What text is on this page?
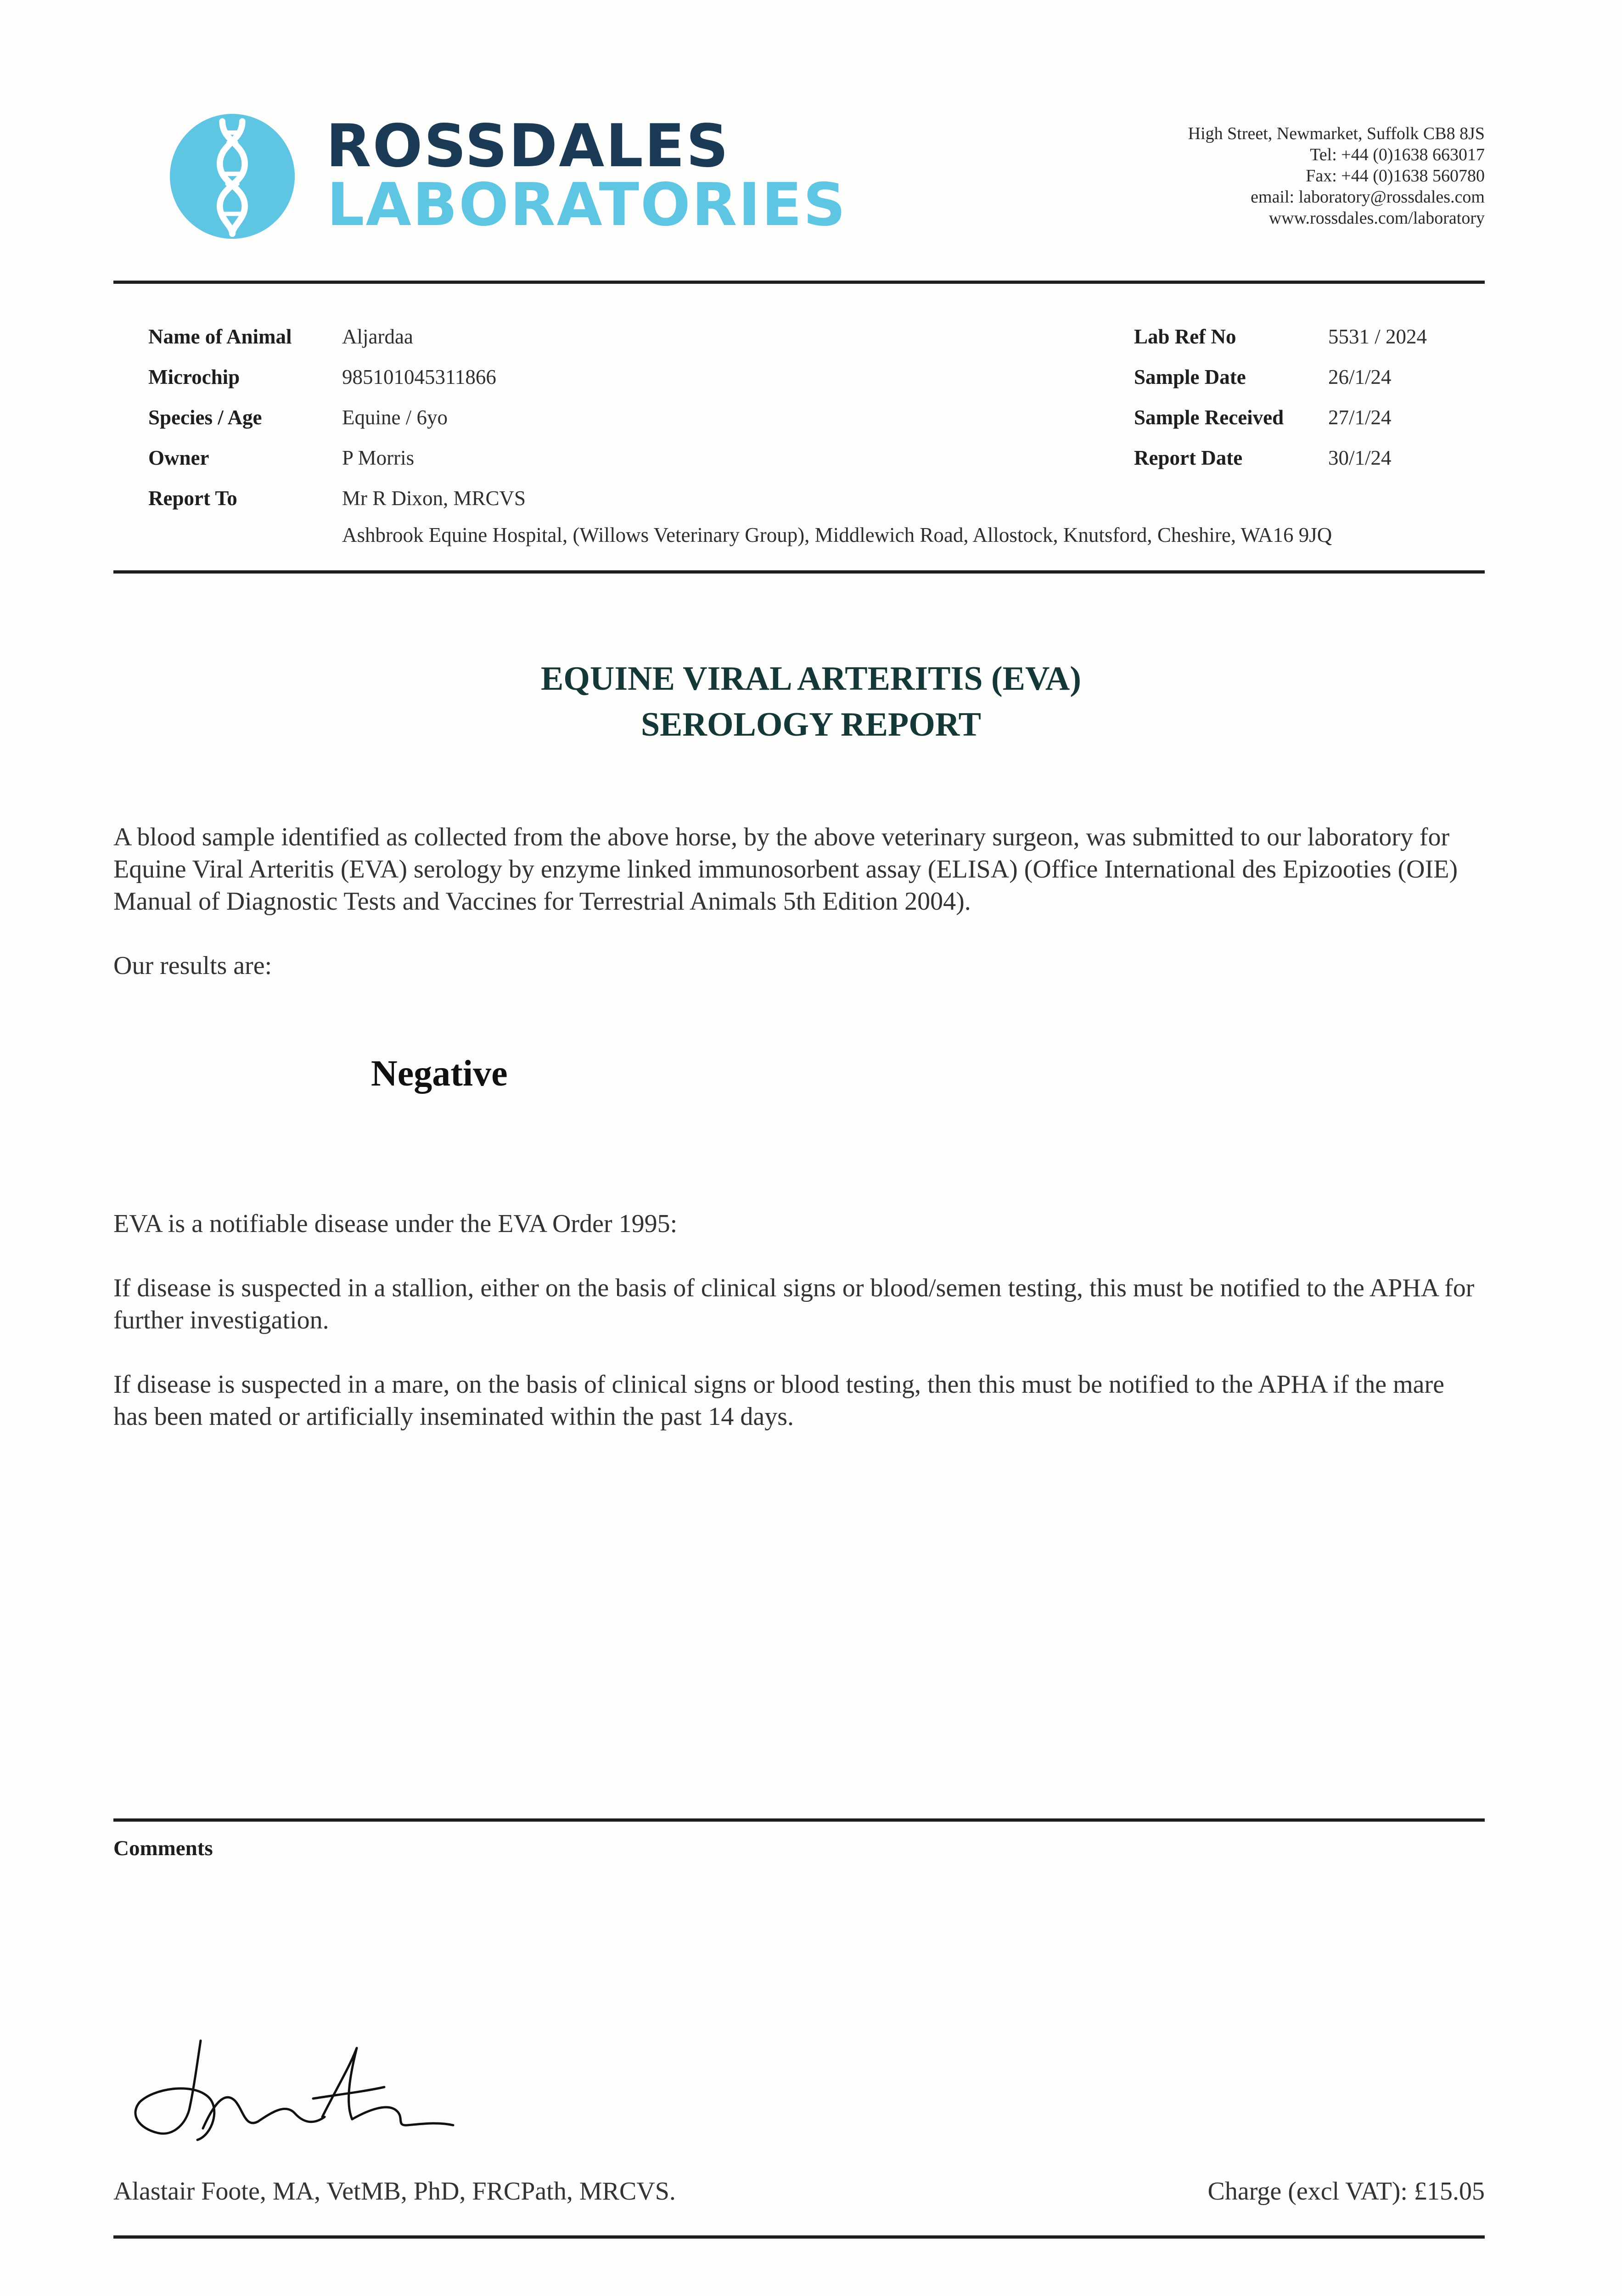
ROSSDALES
LABORATORIES
High Street, Newmarket, Suffolk CB8 8JS
Tel: +44 (0)1638 663017
Fax: +44 (0)1638 560780
email: laboratory@rossdales.com
www.rossdales.com/laboratory
Name of Animal Aljardaa
Microchip	985101045311866
Species / Age	Equine / 6yo
Owner	P Morris
Report To	Mr R Dixon, MRCVS
Ashbrook Equine Hospital, (Willows Veterinary Group), Middlewich Road, Allostock, Knutsford, Cheshire, WA16 9JQ
Lab Ref No	5531 / 2024
Sample Date	26/1/24
Sample Received 27/1/24
Report Date	30/1/24
EQUINE VIRAL ARTERITIS (EVA)
SEROLOGY REPORT
A blood sample identified as collected from the above horse, by the above veterinary surgeon, was submitted to our laboratory for Equine Viral Arteritis (EVA) serology by enzyme linked immunosorbent assay (ELISA) (Office International des Epizooties (OIE) Manual of Diagnostic Tests and Vaccines for Terrestrial Animals 5th Edition 2004).
Our results are:
Negative
EVA is a notifiable disease under the EVA Order 1995:
If disease is suspected in a stallion, either on the basis of clinical signs or blood/semen testing, this must be notified to the APHA for further investigation.
If disease is suspected in a mare, on the basis of clinical signs or blood testing, then this must be notified to the APHA if the mare has been mated or artificially inseminated within the past 14 days.
Comments
Alastair Foote, MA, VetMB, PhD, FRCPath, MRCVS.	Charge (excl VAT): £15.05
